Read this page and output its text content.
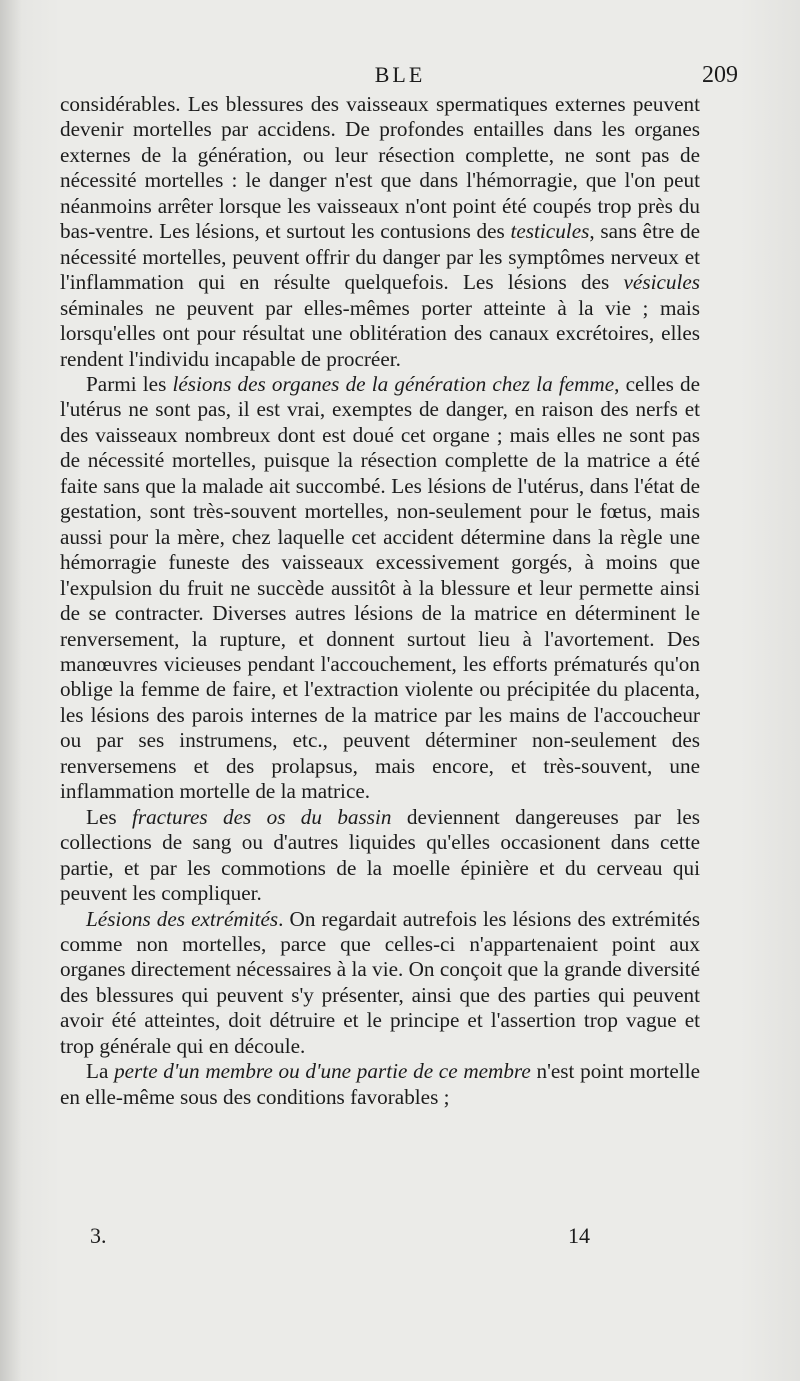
BLE	209

considérables. Les blessures des vaisseaux spermatiques externes peuvent devenir mortelles par accidens. De profondes entailles dans les organes externes de la génération, ou leur résection complette, ne sont pas de nécessité mortelles : le danger n'est que dans l'hémorragie, que l'on peut néanmoins arrêter lorsque les vaisseaux n'ont point été coupés trop près du bas-ventre. Les lésions, et surtout les contusions des testicules, sans être de nécessité mortelles, peuvent offrir du danger par les symptômes nerveux et l'inflammation qui en résulte quelquefois. Les lésions des vésicules séminales ne peuvent par elles-mêmes porter atteinte à la vie ; mais lorsqu'elles ont pour résultat une oblitération des canaux excrétoires, elles rendent l'individu incapable de procréer.

Parmi les lésions des organes de la génération chez la femme, celles de l'utérus ne sont pas, il est vrai, exemptes de danger, en raison des nerfs et des vaisseaux nombreux dont est doué cet organe ; mais elles ne sont pas de nécessité mortelles, puisque la résection complette de la matrice a été faite sans que la malade ait succombé. Les lésions de l'utérus, dans l'état de gestation, sont très-souvent mortelles, non-seulement pour le fœtus, mais aussi pour la mère, chez laquelle cet accident détermine dans la règle une hémorragie funeste des vaisseaux excessivement gorgés, à moins que l'expulsion du fruit ne succède aussitôt à la blessure et leur permette ainsi de se contracter. Diverses autres lésions de la matrice en déterminent le renversement, la rupture, et donnent surtout lieu à l'avortement. Des manœuvres vicieuses pendant l'accouchement, les efforts prématurés qu'on oblige la femme de faire, et l'extraction violente ou précipitée du placenta, les lésions des parois internes de la matrice par les mains de l'accoucheur ou par ses instrumens, etc., peuvent déterminer non-seulement des renversemens et des prolapsus, mais encore, et très-souvent, une inflammation mortelle de la matrice.

Les fractures des os du bassin deviennent dangereuses par les collections de sang ou d'autres liquides qu'elles occasionent dans cette partie, et par les commotions de la moelle épinière et du cerveau qui peuvent les compliquer.

Lésions des extrémités. On regardait autrefois les lésions des extrémités comme non mortelles, parce que celles-ci n'appartenaient point aux organes directement nécessaires à la vie. On conçoit que la grande diversité des blessures qui peuvent s'y présenter, ainsi que des parties qui peuvent avoir été atteintes, doit détruire et le principe et l'assertion trop vague et trop générale qui en découle.

La perte d'un membre ou d'une partie de ce membre n'est point mortelle en elle-même sous des conditions favorables ;

3.	14
